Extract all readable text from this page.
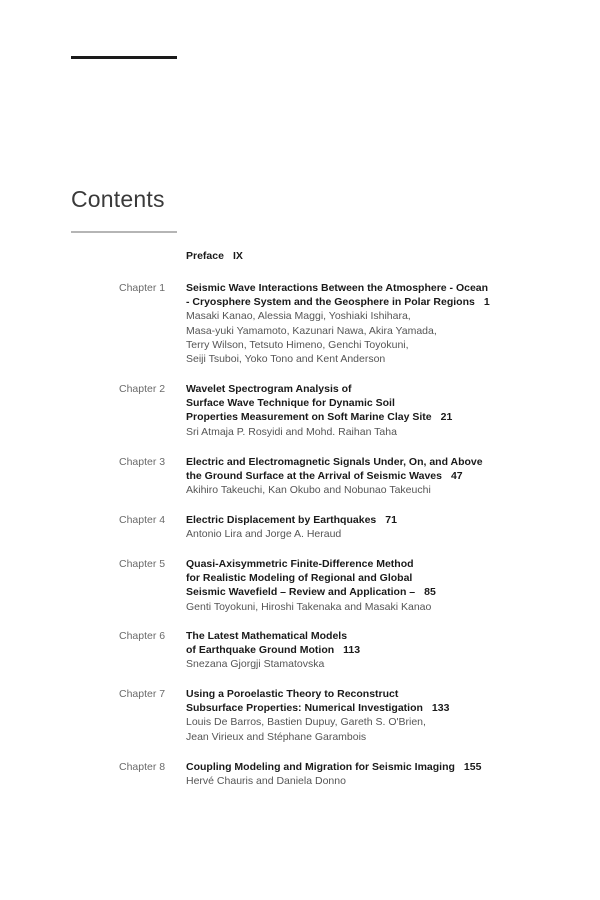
Contents
Preface IX
Chapter 1 Seismic Wave Interactions Between the Atmosphere - Ocean
- Cryosphere System and the Geosphere in Polar Regions 1
Masaki Kanao, Alessia Maggi, Yoshiaki Ishihara,
Masa-yuki Yamamoto, Kazunari Nawa, Akira Yamada,
Terry Wilson, Tetsuto Himeno, Genchi Toyokuni,
Seiji Tsuboi, Yoko Tono and Kent Anderson
Chapter 2 Wavelet Spectrogram Analysis of
Surface Wave Technique for Dynamic Soil
Properties Measurement on Soft Marine Clay Site 21
Sri Atmaja P. Rosyidi and Mohd. Raihan Taha
Chapter 3 Electric and Electromagnetic Signals Under, On, and Above
the Ground Surface at the Arrival of Seismic Waves 47
Akihiro Takeuchi, Kan Okubo and Nobunao Takeuchi
Chapter 4 Electric Displacement by Earthquakes 71
Antonio Lira and Jorge A. Heraud
Chapter 5 Quasi-Axisymmetric Finite-Difference Method
for Realistic Modeling of Regional and Global
Seismic Wavefield – Review and Application – 85
Genti Toyokuni, Hiroshi Takenaka and Masaki Kanao
Chapter 6 The Latest Mathematical Models
of Earthquake Ground Motion 113
Snezana Gjorgji Stamatovska
Chapter 7 Using a Poroelastic Theory to Reconstruct
Subsurface Properties: Numerical Investigation 133
Louis De Barros, Bastien Dupuy, Gareth S. O'Brien,
Jean Virieux and Stéphane Garambois
Chapter 8 Coupling Modeling and Migration for Seismic Imaging 155
Hervé Chauris and Daniela Donno
